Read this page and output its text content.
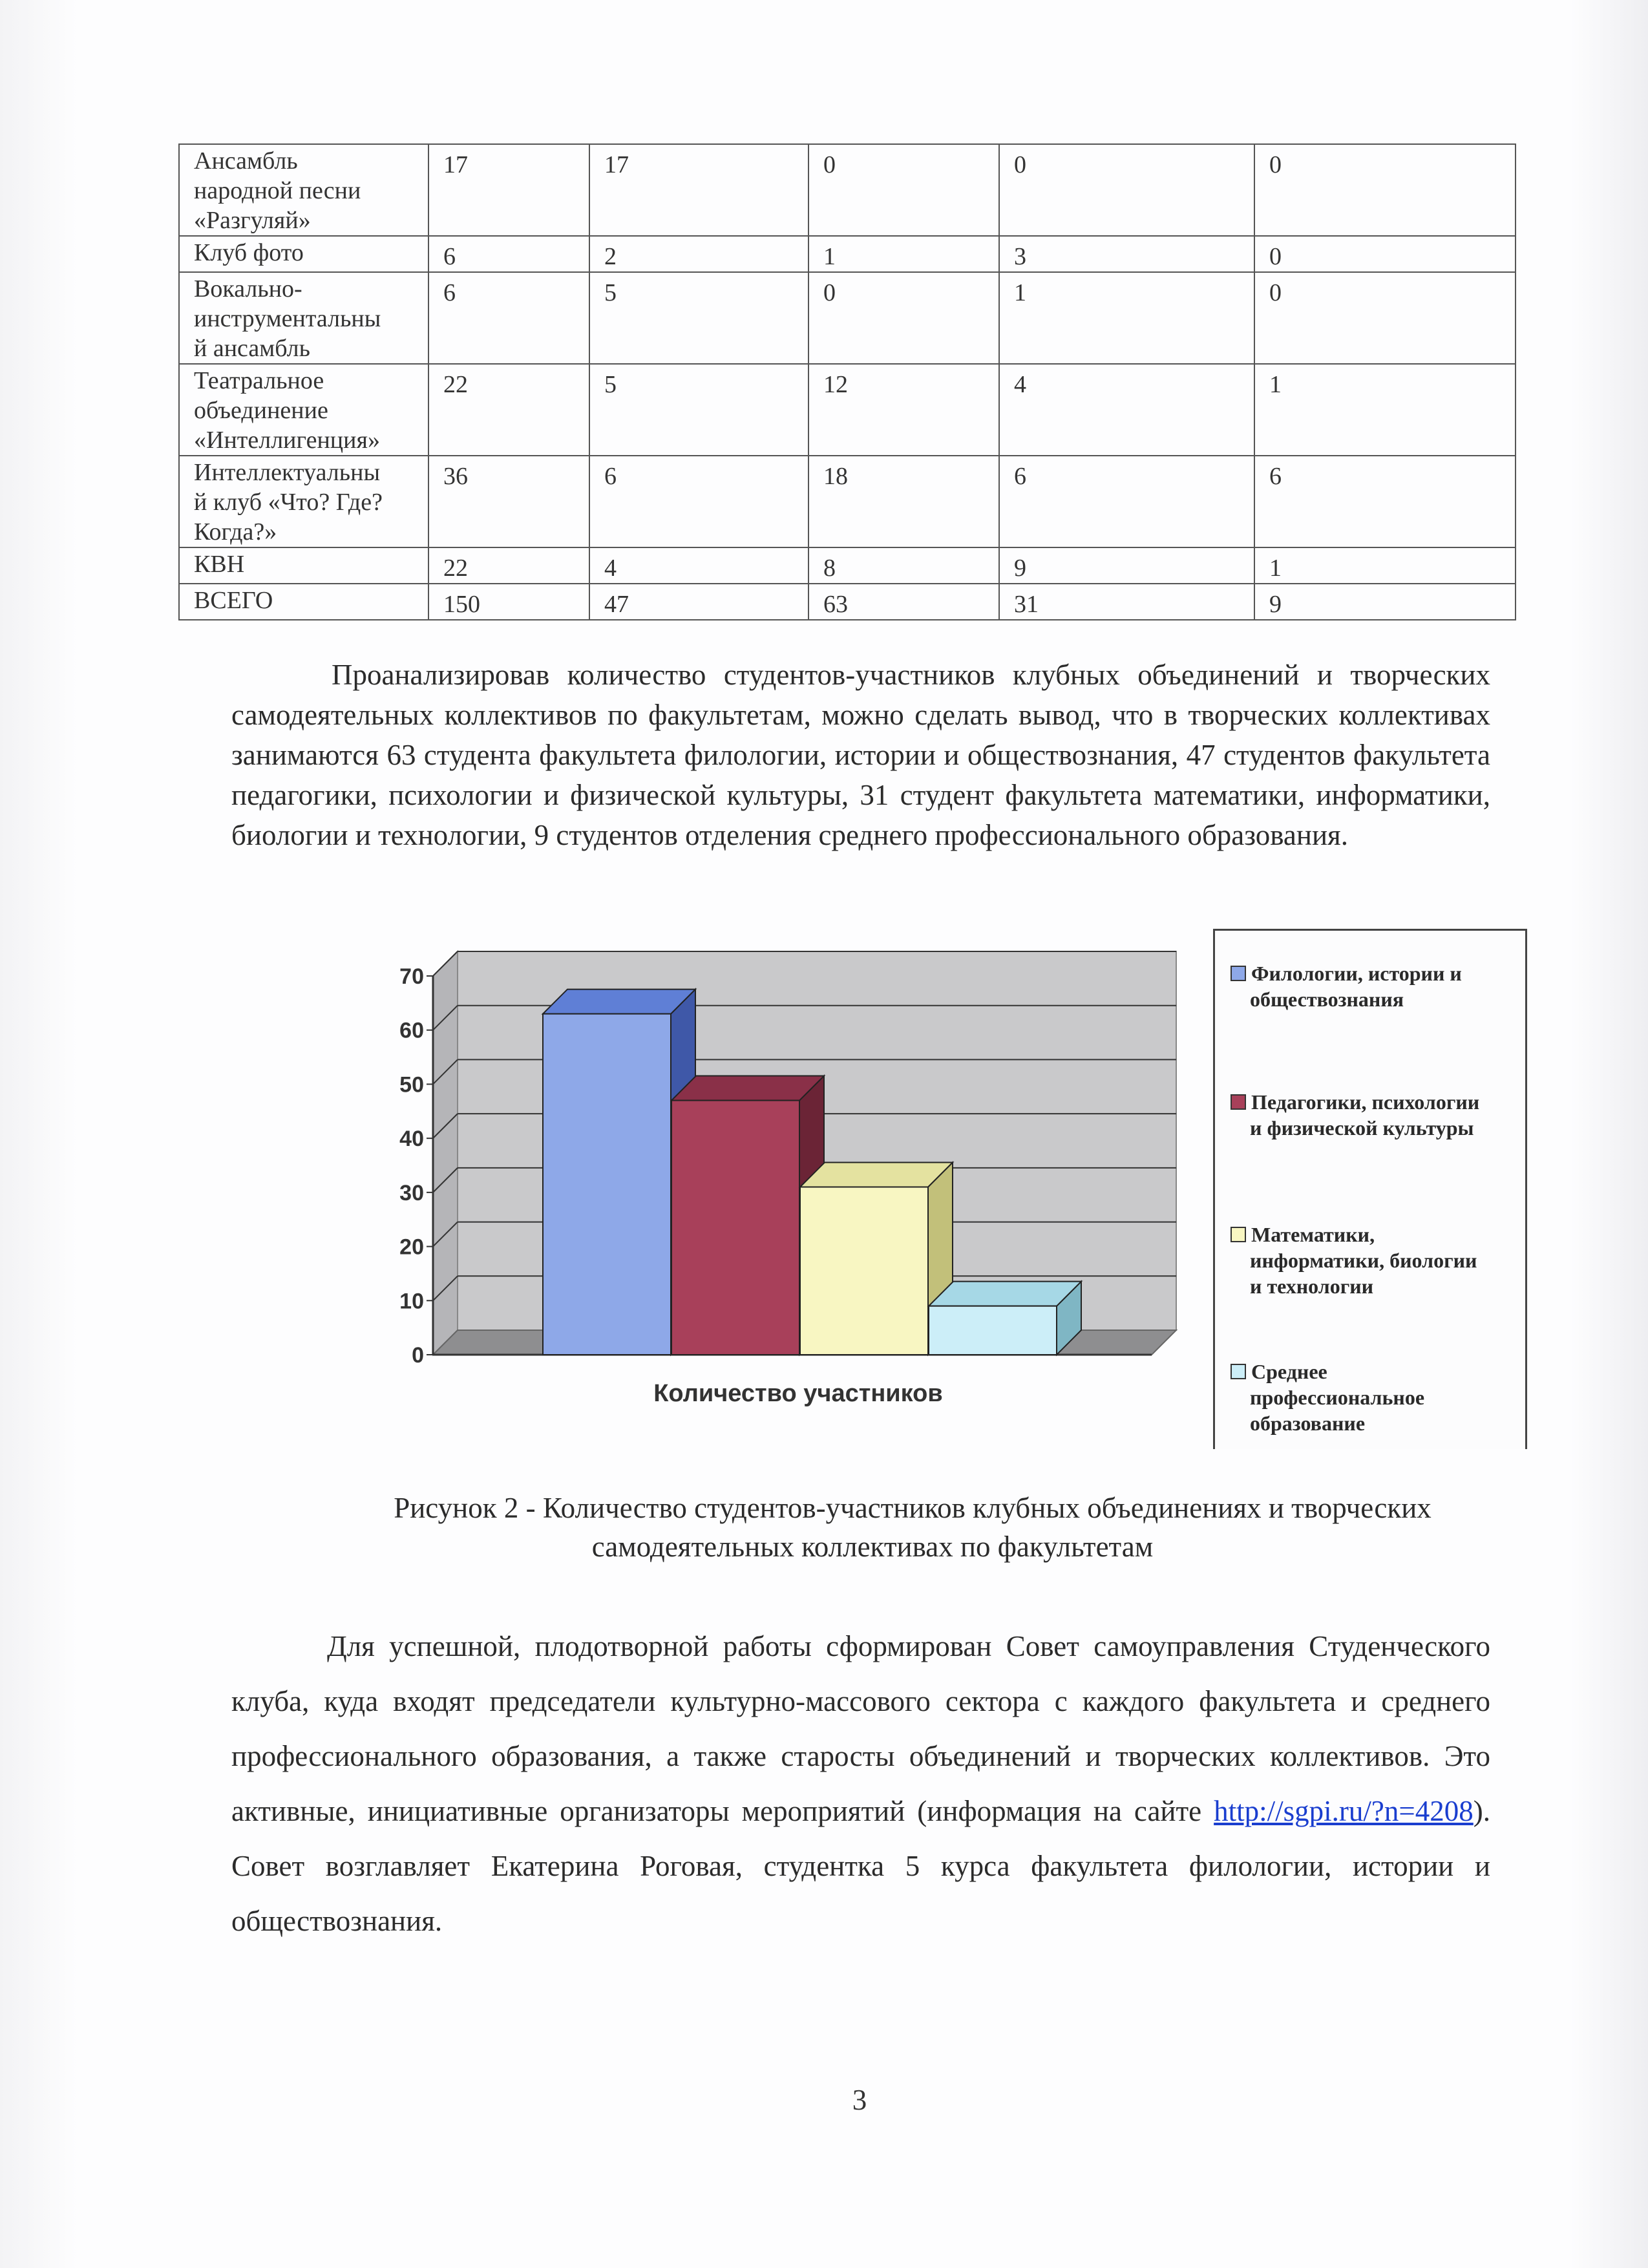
Ансамбль
народной песни
«Разгуляй»	17	17	0	0	0

Клуб фото	6	2	1	3	0

Вокально-
инструментальны
й ансамбль	6	5	0	1	0

Театральное
объединение
«Интеллигенция»	22	5	12	4	1

Интеллектуальны
й клуб «Что? Где?
Когда?»	36	6	18	6	6

КВН	22	4	8	9	1

ВСЕГО	150	47	63	31	9
Проанализировав количество студентов-участников клубных объединений и творческих самодеятельных коллективов по факультетам, можно сделать вывод, что в творческих коллективах занимаются 63 студента факультета филологии, истории и обществознания, 47 студентов факультета педагогики, психологии и физической культуры, 31 студент факультета математики, информатики, биологии и технологии, 9 студентов отделения среднего профессионального образования.
0
10
20
30
40
50
60
70
Количество участников
Филологии, истории и
обществознания
Педагогики, психологии
и физической культуры
Математики,
информатики, биологии
и технологии
Среднее
профессиональное
образование
Рисунок 2 - Количество студентов-участников клубных объединениях и творческих
самодеятельных коллективах по факультетам
Для успешной, плодотворной работы сформирован Совет самоуправления Студенческого клуба, куда входят председатели культурно-массового сектора с каждого факультета и среднего профессионального образования, а также старосты объединений и творческих коллективов. Это активные, инициативные организаторы мероприятий (информация на сайте http://sgpi.ru/?n=4208). Совет возглавляет Екатерина Роговая, студентка 5 курса факультета филологии, истории и обществознания.
3
